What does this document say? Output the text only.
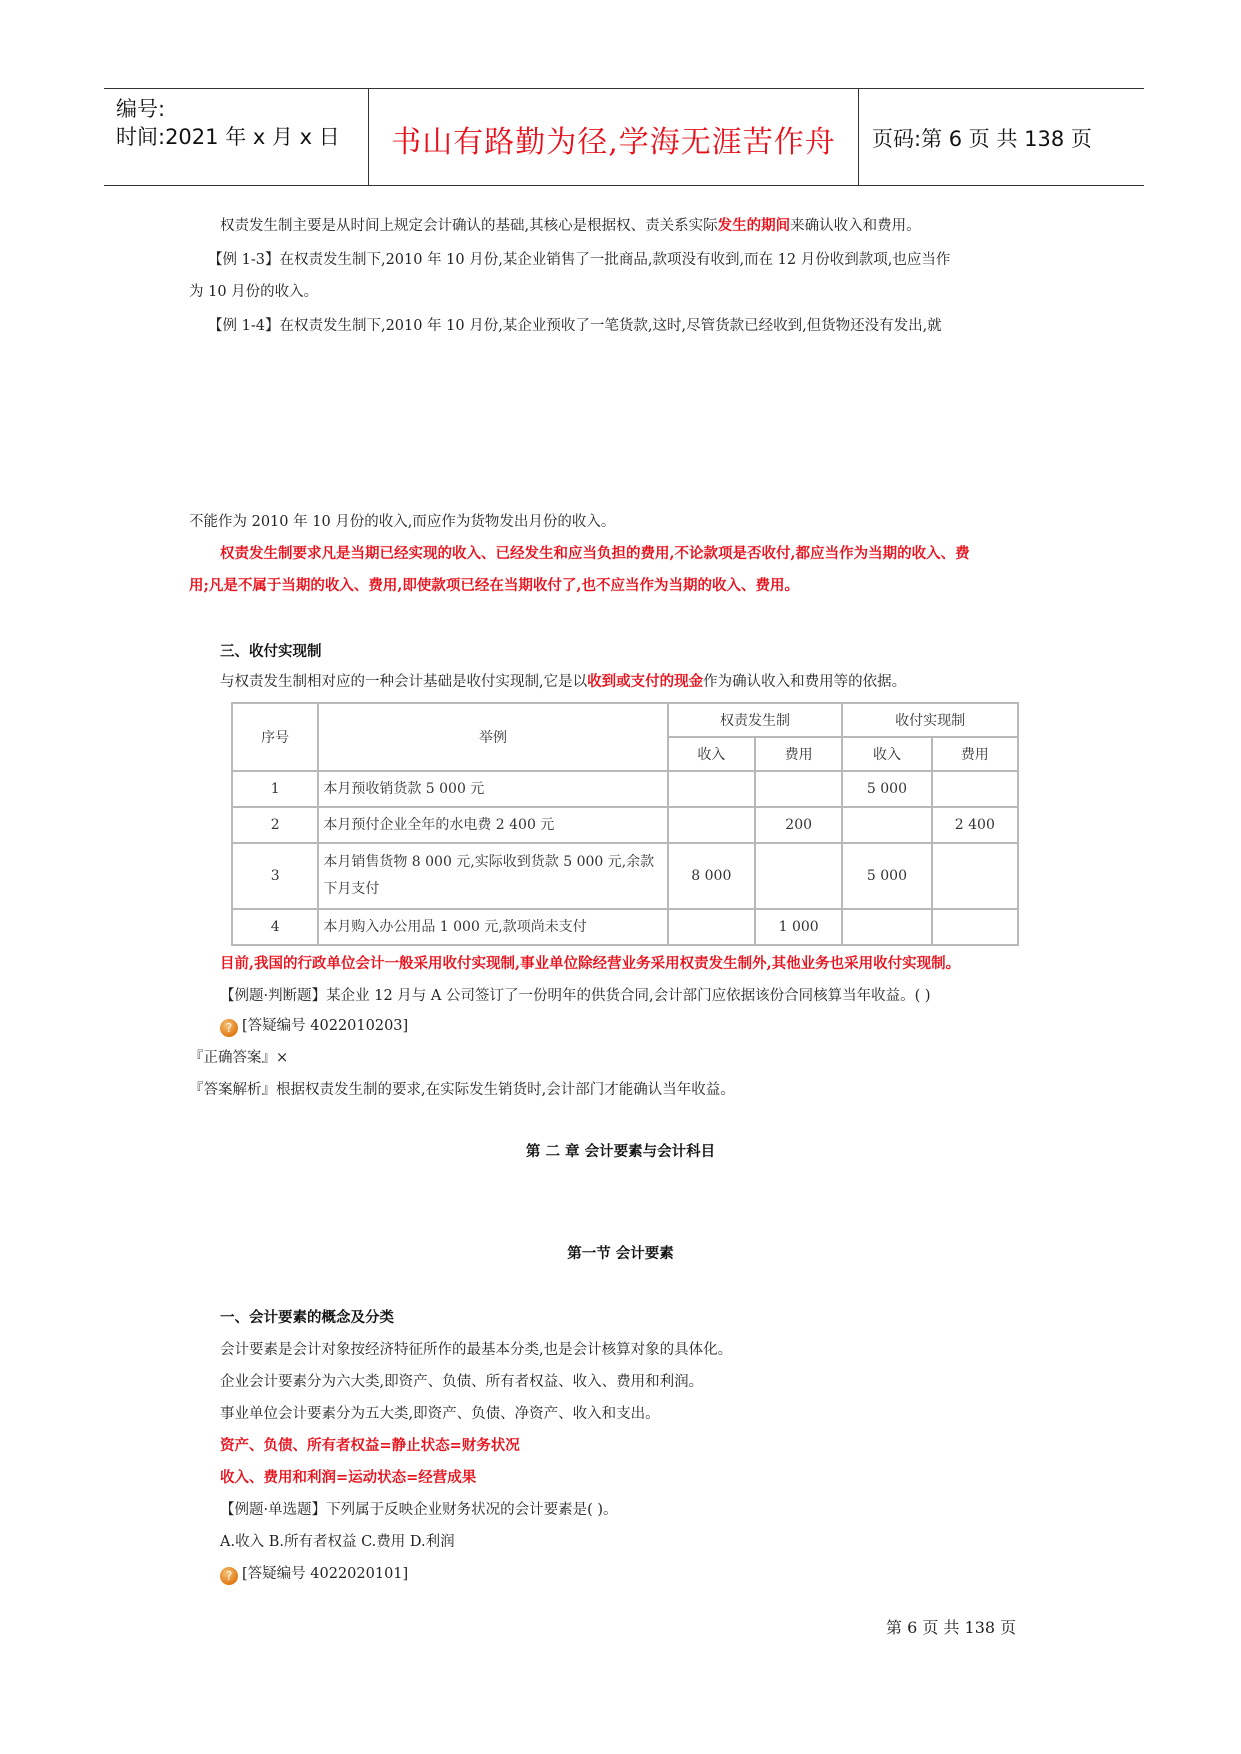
编号:
时间:2021 年 x 月 x 日	书山有路勤为径,学海无涯苦作舟	页码:第 6 页 共 138 页
权责发生制主要是从时间上规定会计确认的基础,其核心是根据权、责关系实际发生的期间来确认收入和费用。
【例 1-3】在权责发生制下,2010 年 10 月份,某企业销售了一批商品,款项没有收到,而在 12 月份收到款项,也应当作
为 10 月份的收入。
【例 1-4】在权责发生制下,2010 年 10 月份,某企业预收了一笔货款,这时,尽管货款已经收到,但货物还没有发出,就
不能作为 2010 年 10 月份的收入,而应作为货物发出月份的收入。
权责发生制要求凡是当期已经实现的收入、已经发生和应当负担的费用,不论款项是否收付,都应当作为当期的收入、费
用;凡是不属于当期的收入、费用,即使款项已经在当期收付了,也不应当作为当期的收入、费用。
三、收付实现制
与权责发生制相对应的一种会计基础是收付实现制,它是以收到或支付的现金作为确认收入和费用等的依据。
序号	举例	权责发生制		收付实现制	
		收入	费用	收入	费用
1	本月预收销货款 5 000 元			5 000	
2	本月预付企业全年的水电费 2 400 元		200		2 400
3	本月销售货物 8 000 元,实际收到货款 5 000 元,余款下月支付	8 000		5 000	
4	本月购入办公用品 1 000 元,款项尚未支付		1 000		
目前,我国的行政单位会计一般采用收付实现制,事业单位除经营业务采用权责发生制外,其他业务也采用收付实现制。
【例题·判断题】某企业 12 月与 A 公司签订了一份明年的供货合同,会计部门应依据该份合同核算当年收益。( )
? [答疑编号 4022010203]
『正确答案』×
『答案解析』根据权责发生制的要求,在实际发生销货时,会计部门才能确认当年收益。
第 二 章 会计要素与会计科目
第一节 会计要素
一、会计要素的概念及分类
会计要素是会计对象按经济特征所作的最基本分类,也是会计核算对象的具体化。
企业会计要素分为六大类,即资产、负债、所有者权益、收入、费用和利润。
事业单位会计要素分为五大类,即资产、负债、净资产、收入和支出。
资产、负债、所有者权益=静止状态=财务状况
收入、费用和利润=运动状态=经营成果
【例题·单选题】下列属于反映企业财务状况的会计要素是( )。
A.收入 B.所有者权益 C.费用 D.利润
? [答疑编号 4022020101]
第 6 页 共 138 页
